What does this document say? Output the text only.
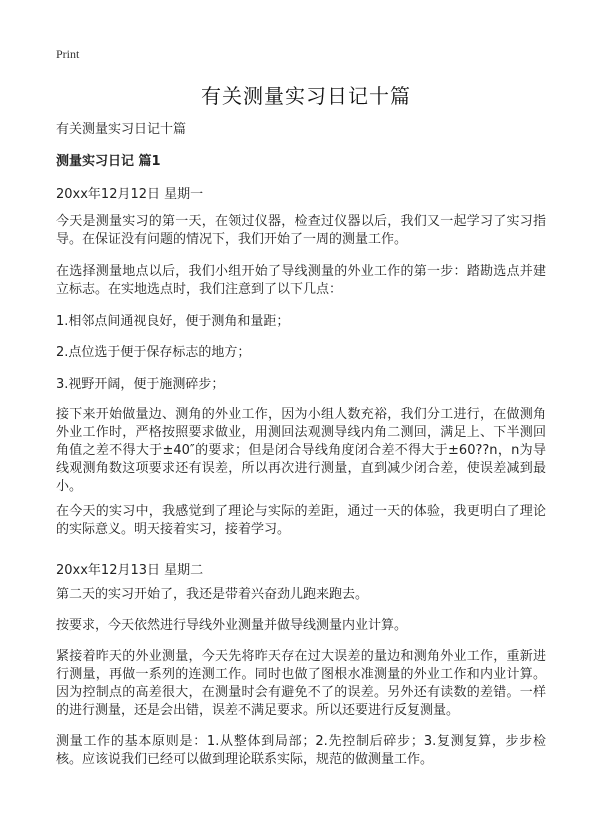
Print
有关测量实习日记十篇
有关测量实习日记十篇
测量实习日记 篇1
20xx年12月12日 星期一
今天是测量实习的第一天，在领过仪器，检查过仪器以后，我们又一起学习了实习指导。在保证没有问题的情况下，我们开始了一周的测量工作。
在选择测量地点以后，我们小组开始了导线测量的外业工作的第一步：踏勘选点并建立标志。在实地选点时，我们注意到了以下几点：
1.相邻点间通视良好，便于测角和量距；
2.点位选于便于保存标志的地方；
3.视野开阔，便于施测碎步；
接下来开始做量边、测角的外业工作，因为小组人数充裕，我们分工进行，在做测角外业工作时，严格按照要求做业，用测回法观测导线内角二测回，满足上、下半测回角值之差不得大于±40″的要求；但是闭合导线角度闭合差不得大于±60??n，n为导线观测角数这项要求还有误差，所以再次进行测量，直到减少闭合差，使误差减到最小。
在今天的实习中，我感觉到了理论与实际的差距，通过一天的体验，我更明白了理论的实际意义。明天接着实习，接着学习。
20xx年12月13日 星期二
第二天的实习开始了，我还是带着兴奋劲儿跑来跑去。
按要求，今天依然进行导线外业测量并做导线测量内业计算。
紧接着昨天的外业测量，今天先将昨天存在过大误差的量边和测角外业工作，重新进行测量，再做一系列的连测工作。同时也做了图根水准测量的外业工作和内业计算。因为控制点的高差很大，在测量时会有避免不了的误差。另外还有读数的差错。一样的进行测量，还是会出错，误差不满足要求。所以还要进行反复测量。
测量工作的基本原则是：1.从整体到局部；2.先控制后碎步；3.复测复算，步步检核。应该说我们已经可以做到理论联系实际，规范的做测量工作。
